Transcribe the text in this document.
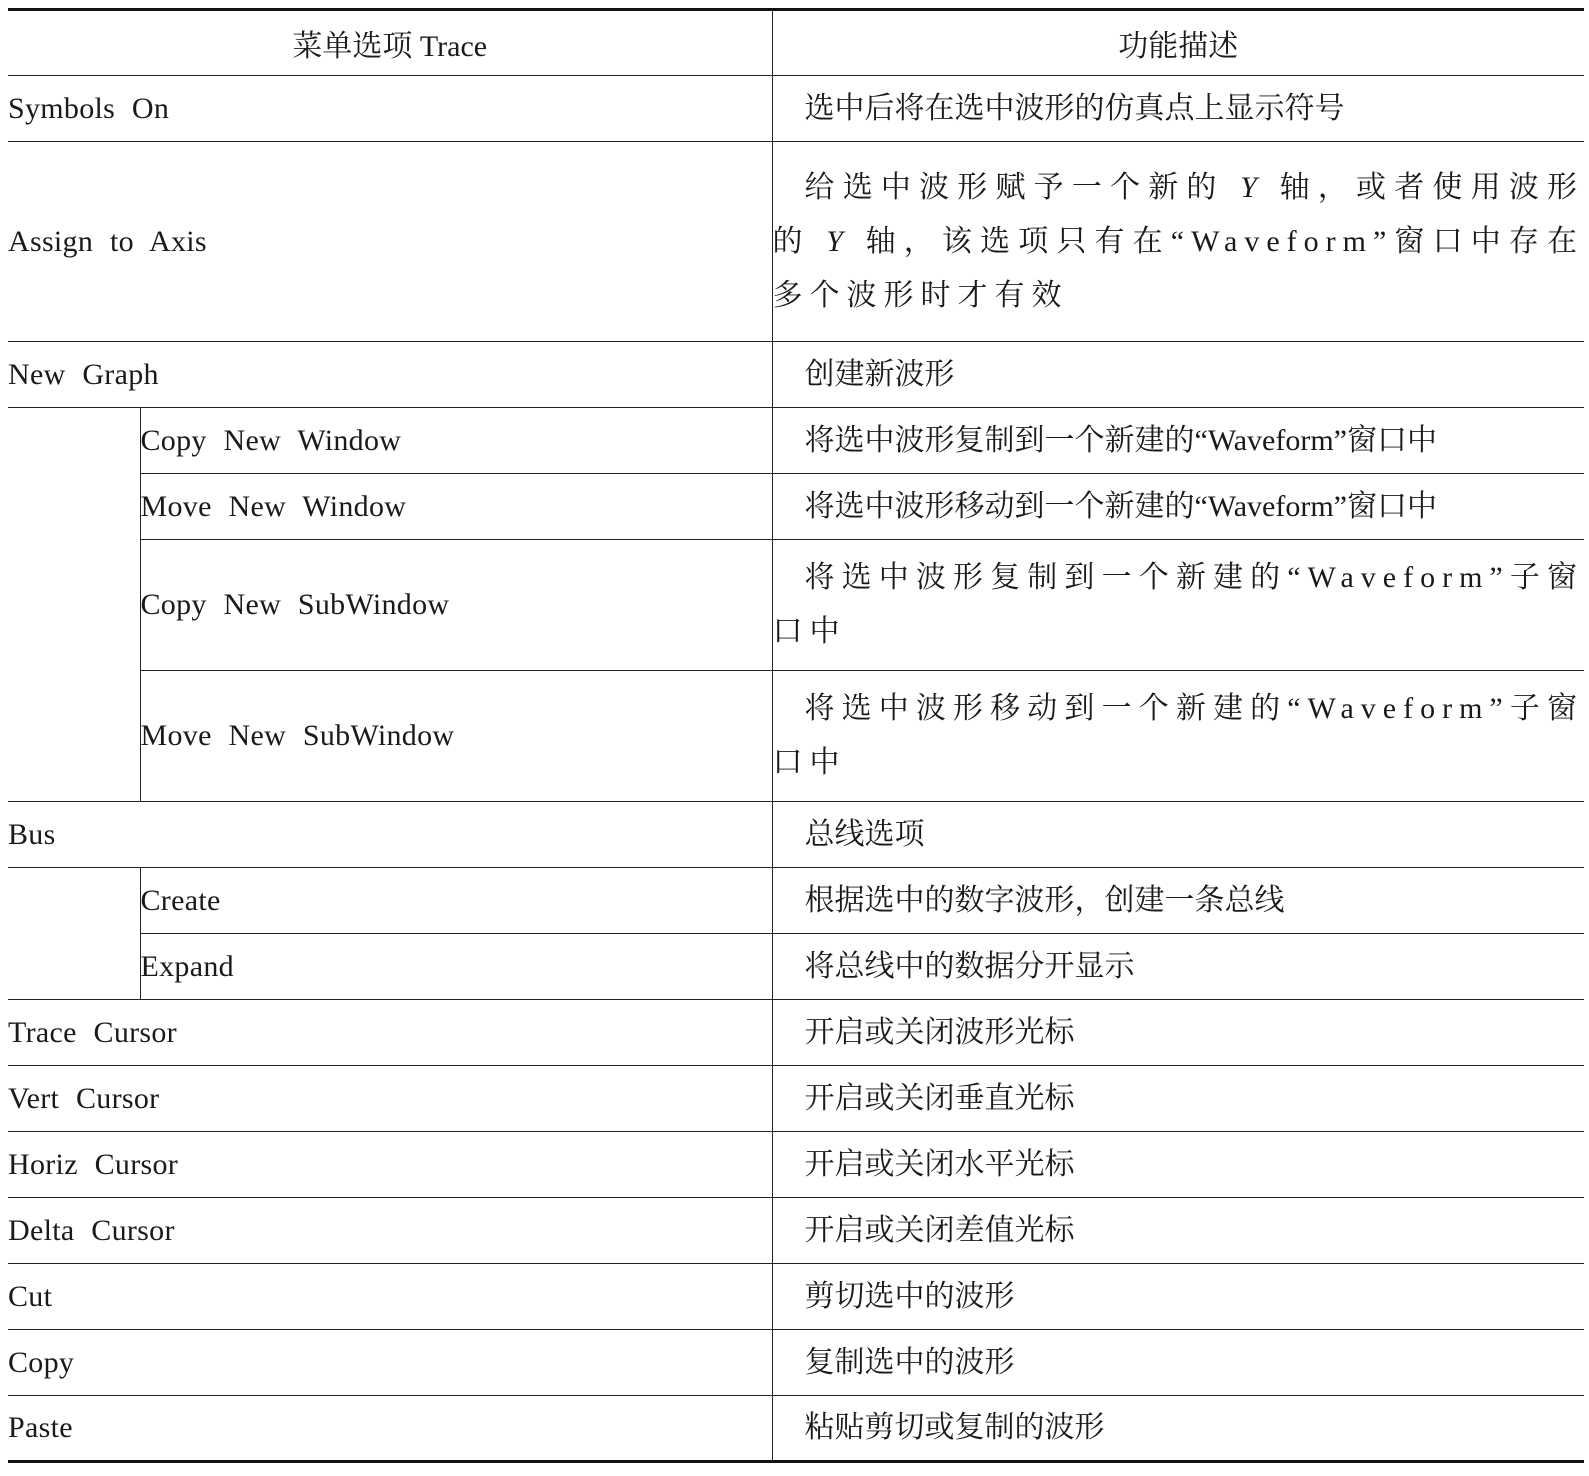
菜单选项 Trace		功能描述
Symbols On		选中后将在选中波形的仿真点上显示符号
Assign to Axis		给选中波形赋予一个新的 Y 轴，或者使用波形的 Y 轴，该选项只有在“Waveform”窗口中存在多个波形时才有效
New Graph		创建新波形
	Copy New Window	将选中波形复制到一个新建的“Waveform”窗口中
	Move New Window	将选中波形移动到一个新建的“Waveform”窗口中
	Copy New SubWindow	将选中波形复制到一个新建的“Waveform”子窗口中
	Move New SubWindow	将选中波形移动到一个新建的“Waveform”子窗口中
Bus		总线选项
	Create	根据选中的数字波形，创建一条总线
	Expand	将总线中的数据分开显示
Trace Cursor		开启或关闭波形光标
Vert Cursor		开启或关闭垂直光标
Horiz Cursor		开启或关闭水平光标
Delta Cursor		开启或关闭差值光标
Cut		剪切选中的波形
Copy		复制选中的波形
Paste		粘贴剪切或复制的波形
